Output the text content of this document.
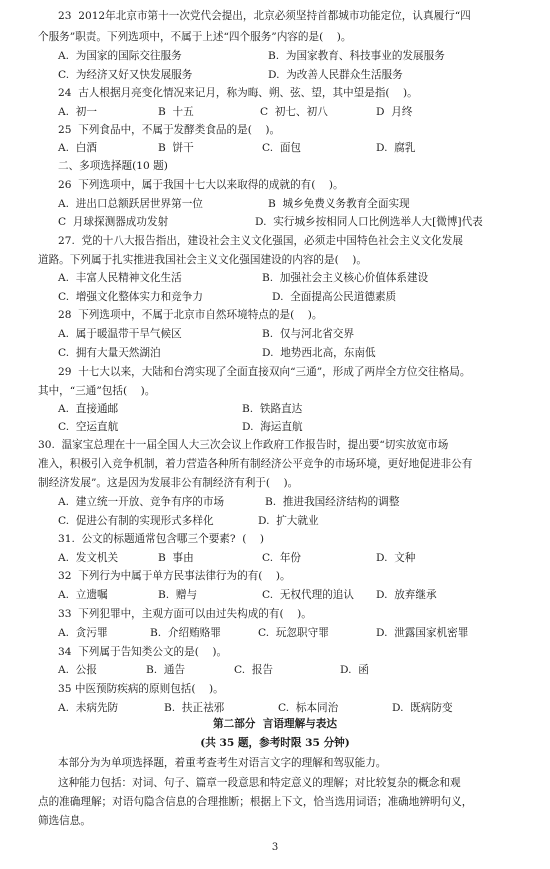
23  2012年北京市第十一次党代会提出，北京必须坚持首都城市功能定位，认真履行“四
个服务”职责。下列选项中，不属于上述“四个服务”内容的是(    )。
A.  为国家的国际交往服务	B.  为国家教育、科技事业的发展服务
C.  为经济又好又快发展服务	D.  为改善人民群众生活服务
24  古人根据月亮变化情况来记月，称为晦、朔、弦、望，其中望是指(    )。
A.  初一	B  十五	C  初七、初八	D  月终
25  下列食品中，不属于发酵类食品的是(    )。
A.  白酒	B  饼干	C.  面包	D.  腐乳
二、多项选择题(10 题)
26  下列选项中，属于我国十七大以来取得的成就的有(    )。
A.  进出口总额跃居世界第一位	B  城乡免费义务教育全面实现
C  月球探测器成功发射	D.  实行城乡按相同人口比例选举人大[微博]代表
27.  党的十八大报告指出，建设社会主义文化强国，必须走中国特色社会主义文化发展
道路。下列属于扎实推进我国社会主义文化强国建设的内容的是(    )。
A.  丰富人民精神文化生活	B.  加强社会主义核心价值体系建设
C.  增强文化整体实力和竞争力	D.  全面提高公民道德素质
28  下列选项中，不属于北京市自然环境特点的是(    )。
A.  属于暖温带干旱气候区	B.  仅与河北省交界
C.  拥有大量天然湖泊	D.  地势西北高，东南低
29  十七大以来，大陆和台湾实现了全面直接双向“三通”，形成了两岸全方位交往格局。
其中，“三通”包括(    )。
A.  直接通邮	B.  铁路直达
C.  空运直航	D.  海运直航
30.  温家宝总理在十一届全国人大三次会议上作政府工作报告时，提出要“切实放宽市场
准入，积极引入竞争机制，着力营造各种所有制经济公平竞争的市场环境，更好地促进非公有
制经济发展”。这是因为发展非公有制经济有利于(    )。
A.  建立统一开放、竞争有序的市场	B.  推进我国经济结构的调整
C.  促进公有制的实现形式多样化	D.  扩大就业
31.  公文的标题通常包含哪三个要素?  (    )
A.  发文机关	B  事由	C.  年份	D.  文种
32  下列行为中属于单方民事法律行为的有(    )。
A.  立遗嘱	B.  赠与	C.  无权代理的追认 D.  放弃继承
33  下列犯罪中，主观方面可以由过失构成的有(    )。
A.  贪污罪	B.  介绍贿赂罪	C.  玩忽职守罪	D.  泄露国家机密罪
34  下列属于告知类公文的是(    )。
A.  公报	B.  通告	C.  报告	D.  函
35 中医预防疾病的原则包括(    )。
A.  未病先防	B.  扶正祛邪	C.  标本同治	D.  既病防变
第二部分  言语理解与表达
(共 35 题，参考时限 35 分钟)
本部分为为单项选择题，着重考查考生对语言文字的理解和驾驭能力。
这种能力包括：对词、句子、篇章一段意思和特定意义的理解；对比较复杂的概念和观
点的准确理解；对语句隐含信息的合理推断；根据上下文，恰当选用词语；准确地辨明句义，
筛选信息。
3
